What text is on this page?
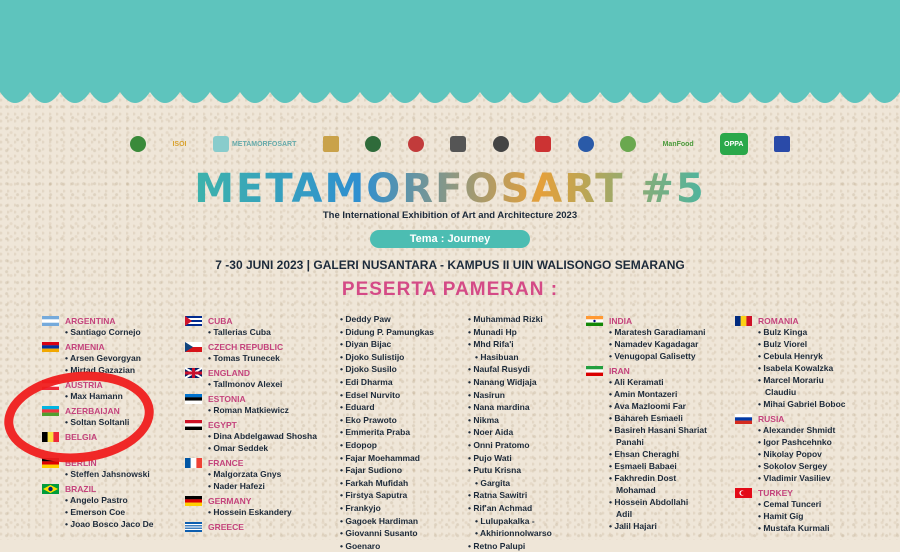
ISOI	METAMORFOSART	ManFood	OPPA
METAMORFOSART #5
The International Exhibition of Art and Architecture 2023
Tema : Journey
7 -30 JUNI 2023 | GALERI NUSANTARA - KAMPUS II UIN WALISONGO SEMARANG
PESERTA PAMERAN :
ARGENTINA
• Santiago Cornejo
ARMENIA
• Arsen Gevorgyan
• Mirtad Gazazian
AUSTRIA
• Max Hamann
AZERBAIJAN
• Soltan Soltanli
BELGIA
BERLIN
• Steffen Jahsnowski
BRAZIL
• Angelo Pastro
• Emerson Coe
• Joao Bosco Jaco De
CUBA
• Tallerias Cuba
CZECH REPUBLIC
• Tomas Trunecek
ENGLAND
• Tallmonov Alexei
ESTONIA
• Roman Matkiewicz
EGYPT
• Dina Abdelgawad Shosha
• Omar Seddek
FRANCE
• Malgorzata Gnys
• Nader Hafezi
GERMANY
• Hossein Eskandery
GREECE
• Deddy Paw
• Didung P. Pamungkas
• Diyan Bijac
• Djoko Sulistijo
• Djoko Susilo
• Edi Dharma
• Edsel Nurvito
• Eduard
• Eko Prawoto
• Emmerita Praba
• Edopop
• Fajar Moehammad
• Fajar Sudiono
• Farkah Mufidah
• Firstya Saputra
• Frankyjo
• Gagoek Hardiman
• Giovanni Susanto
• Goenaro
• Muhammad Rizki
• Munadi Hp
• Mhd Rifa'i
• Hasibuan
• Naufal Rusydi
• Nanang Widjaja
• Nasirun
• Nana mardina
• Nikma
• Noer Aida
• Onni Pratomo
• Pujo Wati
• Putu Krisna
• Gargita
• Ratna Sawitri
• Rif'an Achmad
• Lulupakalka -
• Akhirionnolwarso
• Retno Palupi
INDIA
• Maratesh Garadiamani
• Namadev Kagadagar
• Venugopal Galisetty
IRAN
• Ali Keramati
• Amin Montazeri
• Ava Mazloomi Far
• Bahareh Esmaeli
• Basireh Hasani Shariat
Panahi
• Ehsan Cheraghi
• Esmaeli Babaei
• Fakhredin Dost
Mohamad
• Hossein Abdollahi
Adil
• Jalil Hajari
ROMANIA
• Bulz Kinga
• Bulz Viorel
• Cebula Henryk
• Isabela Kowalzka
• Marcel Morariu
Claudiu
• Mihai Gabriel Boboc
RUSIA
• Alexander Shmidt
• Igor Pashcehnko
• Nikolay Popov
• Sokolov Sergey
• Vladimir Vasiliev
TURKEY
• Cemal Tunceri
• Hamit Gig
• Mustafa Kurmali
